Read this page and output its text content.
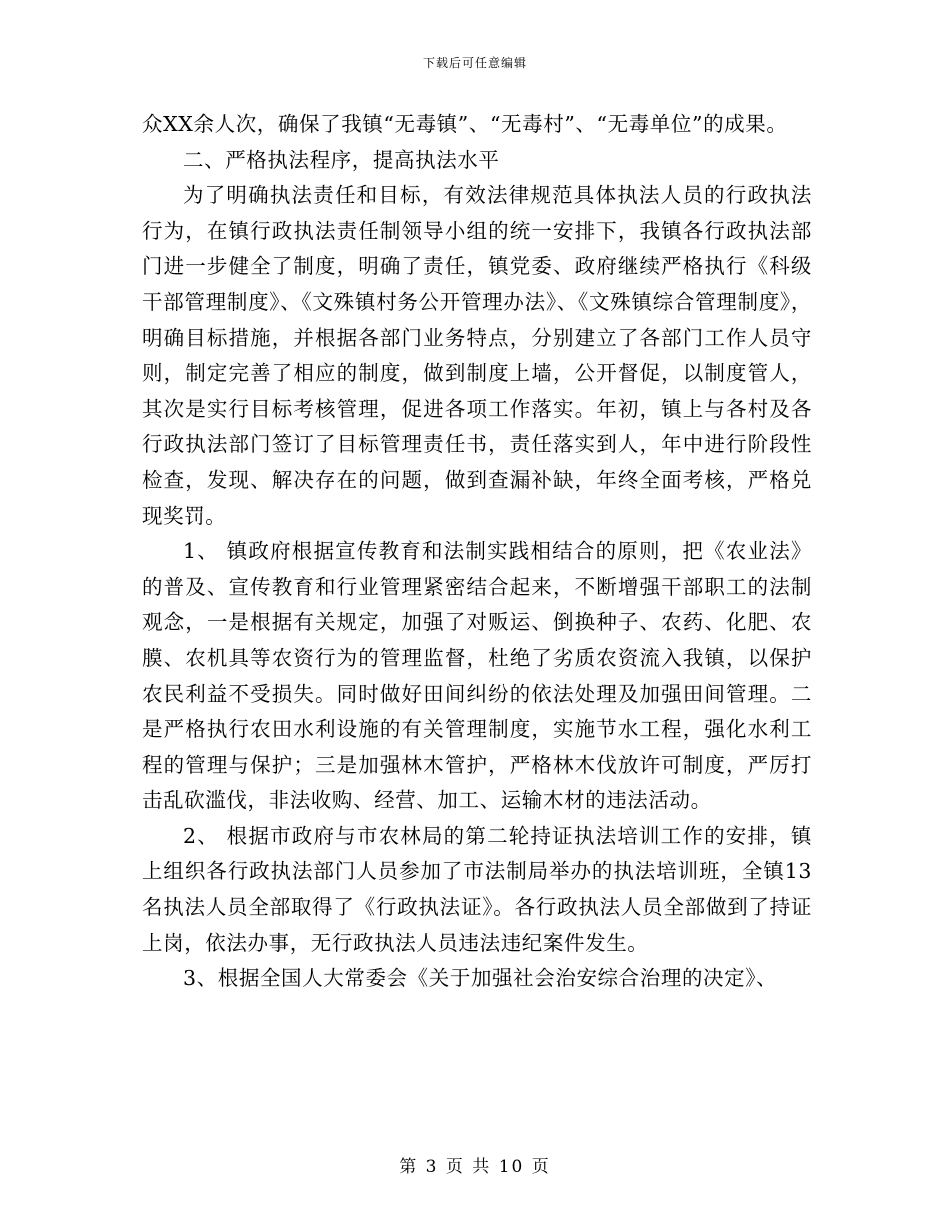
下载后可任意编辑

众XX余人次，确保了我镇“无毒镇”、“无毒村”、“无毒单位”的成果。

二、严格执法程序，提高执法水平

为了明确执法责任和目标，有效法律规范具体执法人员的行政执法行为，在镇行政执法责任制领导小组的统一安排下，我镇各行政执法部门进一步健全了制度，明确了责任，镇党委、政府继续严格执行《科级干部管理制度》、《文殊镇村务公开管理办法》、《文殊镇综合管理制度》，明确目标措施，并根据各部门业务特点，分别建立了各部门工作人员守则，制定完善了相应的制度，做到制度上墙，公开督促，以制度管人，其次是实行目标考核管理，促进各项工作落实。年初，镇上与各村及各行政执法部门签订了目标管理责任书，责任落实到人，年中进行阶段性检查，发现、解决存在的问题，做到查漏补缺，年终全面考核，严格兑现奖罚。

1、 镇政府根据宣传教育和法制实践相结合的原则，把《农业法》的普及、宣传教育和行业管理紧密结合起来，不断增强干部职工的法制观念，一是根据有关规定，加强了对贩运、倒换种子、农药、化肥、农膜、农机具等农资行为的管理监督，杜绝了劣质农资流入我镇，以保护农民利益不受损失。同时做好田间纠纷的依法处理及加强田间管理。二是严格执行农田水利设施的有关管理制度，实施节水工程，强化水利工程的管理与保护；三是加强林木管护，严格林木伐放许可制度，严厉打击乱砍滥伐，非法收购、经营、加工、运输木材的违法活动。

2、 根据市政府与市农林局的第二轮持证执法培训工作的安排，镇上组织各行政执法部门人员参加了市法制局举办的执法培训班，全镇13名执法人员全部取得了《行政执法证》。各行政执法人员全部做到了持证上岗，依法办事，无行政执法人员违法违纪案件发生。

3、根据全国人大常委会《关于加强社会治安综合治理的决定》、

第 3 页 共 10 页
